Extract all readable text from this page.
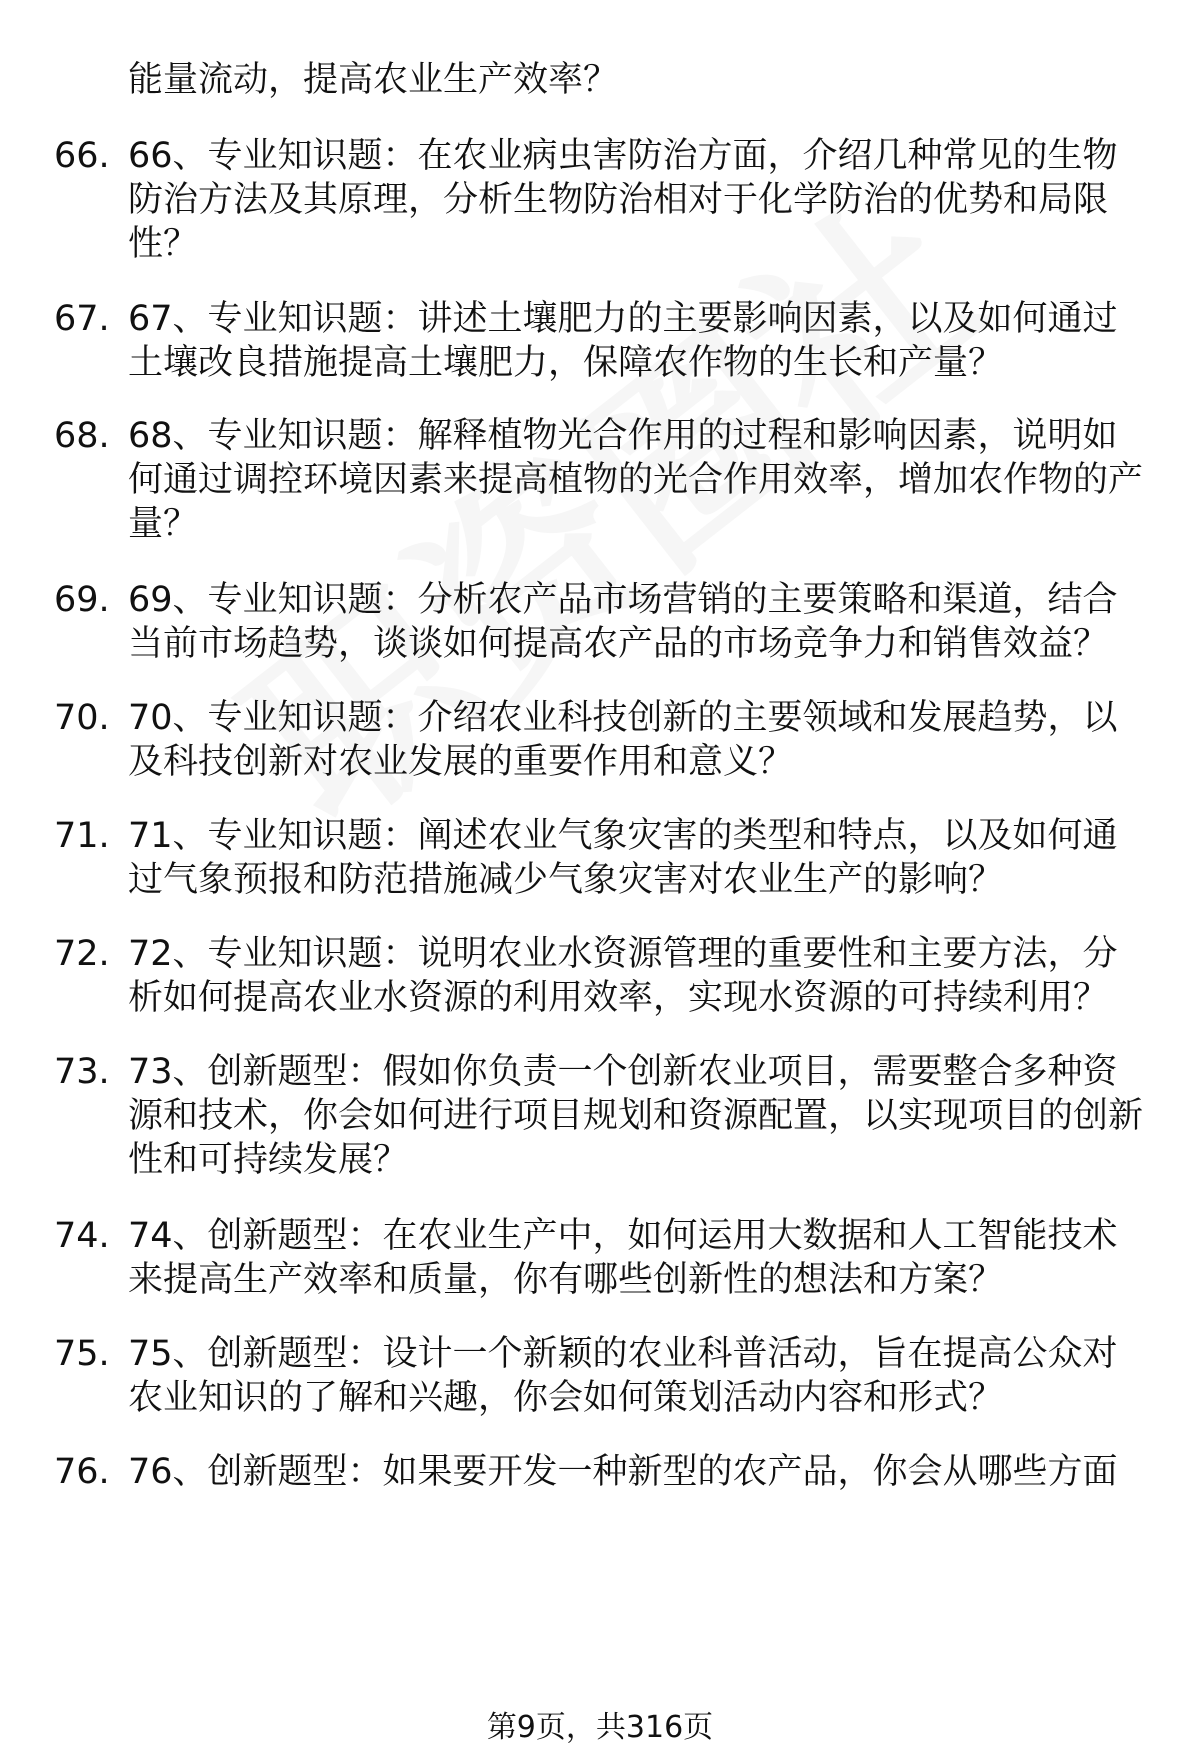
能量流动，提高农业生产效率？
66. 66、专业知识题：在农业病虫害防治方面，介绍几种常见的生物防治方法及其原理，分析生物防治相对于化学防治的优势和局限性？
67. 67、专业知识题：讲述土壤肥力的主要影响因素，以及如何通过土壤改良措施提高土壤肥力，保障农作物的生长和产量？
68. 68、专业知识题：解释植物光合作用的过程和影响因素，说明如何通过调控环境因素来提高植物的光合作用效率，增加农作物的产量？
69. 69、专业知识题：分析农产品市场营销的主要策略和渠道，结合当前市场趋势，谈谈如何提高农产品的市场竞争力和销售效益？
70. 70、专业知识题：介绍农业科技创新的主要领域和发展趋势，以及科技创新对农业发展的重要作用和意义？
71. 71、专业知识题：阐述农业气象灾害的类型和特点，以及如何通过气象预报和防范措施减少气象灾害对农业生产的影响？
72. 72、专业知识题：说明农业水资源管理的重要性和主要方法，分析如何提高农业水资源的利用效率，实现水资源的可持续利用？
73. 73、创新题型：假如你负责一个创新农业项目，需要整合多种资源和技术，你会如何进行项目规划和资源配置，以实现项目的创新性和可持续发展？
74. 74、创新题型：在农业生产中，如何运用大数据和人工智能技术来提高生产效率和质量，你有哪些创新性的想法和方案？
75. 75、创新题型：设计一个新颖的农业科普活动，旨在提高公众对农业知识的了解和兴趣，你会如何策划活动内容和形式？
76. 76、创新题型：如果要开发一种新型的农产品，你会从哪些方面
第9页，共316页
